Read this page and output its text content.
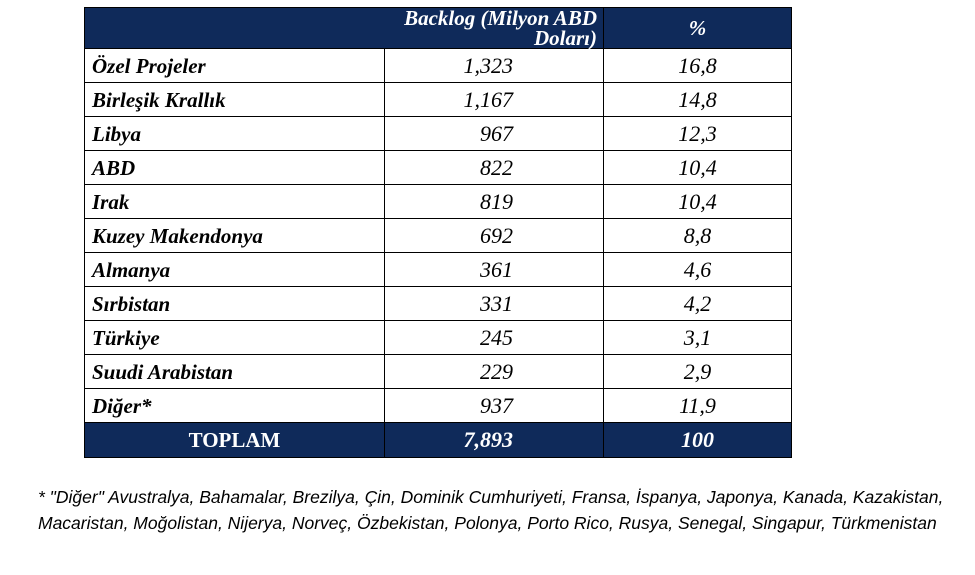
	Backlog (Milyon ABD Doları)	%
Özel Projeler	1,323	16,8
Birleşik Krallık	1,167	14,8
Libya	967	12,3
ABD	822	10,4
Irak	819	10,4
Kuzey Makendonya	692	8,8
Almanya	361	4,6
Sırbistan	331	4,2
Türkiye	245	3,1
Suudi Arabistan	229	2,9
Diğer*	937	11,9
TOPLAM	7,893	100
* "Diğer" Avustralya, Bahamalar, Brezilya, Çin, Dominik Cumhuriyeti, Fransa, İspanya, Japonya, Kanada, Kazakistan, Macaristan, Moğolistan, Nijerya, Norveç, Özbekistan, Polonya, Porto Rico, Rusya, Senegal, Singapur, Türkmenistan
